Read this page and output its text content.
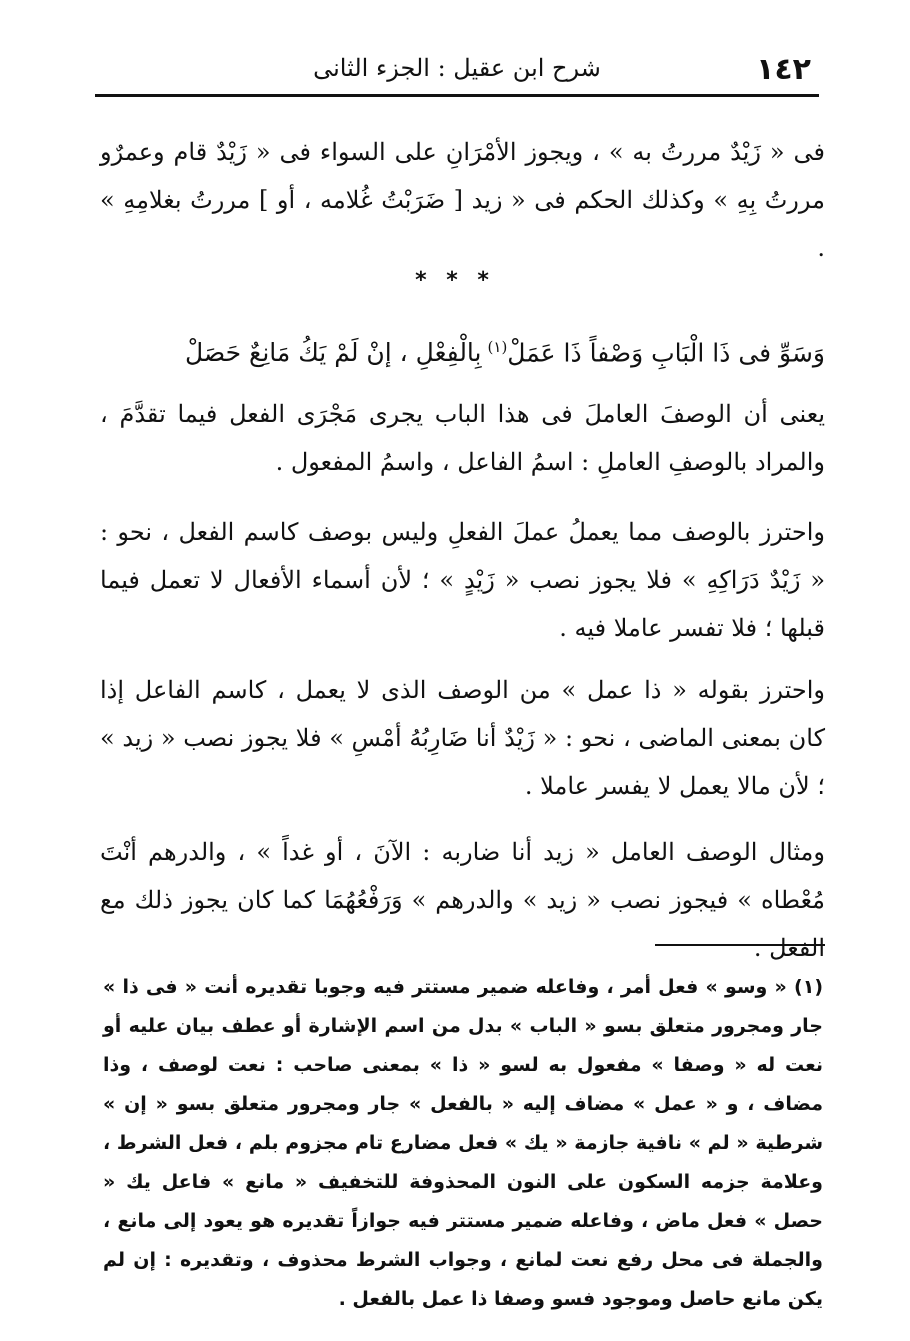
١٤٢
شرح ابن عقيل : الجزء الثانى

فى « زَيْدٌ مررتُ به » ، ويجوز الأمْرَانِ على السواء فى « زَيْدٌ قام وعمرٌو مررتُ بِهِ » وكذلك الحكم فى « زيد [ ضَرَبْتُ غُلامه ، أو ] مررتُ بغلامِهِ » .

* * *
وَسَوِّ فى ذَا الْبَابِ وَصْفاً ذَا عَمَلْ$^{(١)}$
بِالْفِعْلِ ، إنْ لَمْ يَكُ مَانِعٌ حَصَلْ

يعنى أن الوصفَ العاملَ فى هذا الباب يجرى مَجْرَى الفعل فيما تقدَّمَ ، والمراد بالوصفِ العاملِ : اسمُ الفاعل ، واسمُ المفعول .

واحترز بالوصف مما يعملُ عملَ الفعلِ وليس بوصف كاسم الفعل ، نحو : « زَيْدٌ دَرَاكِهِ » فلا يجوز نصب « زَيْدٍ » ؛ لأن أسماء الأفعال لا تعمل فيما قبلها ؛ فلا تفسر عاملا فيه .

واحترز بقوله « ذا عمل » من الوصف الذى لا يعمل ، كاسم الفاعل إذا كان بمعنى الماضى ، نحو : « زَيْدٌ أنا ضَارِبُهُ أمْسِ » فلا يجوز نصب « زيد » ؛ لأن مالا يعمل لا يفسر عاملا .

ومثال الوصف العامل « زيد أنا ضاربه : الآنَ ، أو غداً » ، والدرهم أنْتَ مُعْطاه » فيجوز نصب « زيد » والدرهم » وَرَفْعُهُمَا كما كان يجوز ذلك مع الفعل .

(١) « وسو » فعل أمر ، وفاعله ضمير مستتر فيه وجوبا تقديره أنت « فى ذا » جار ومجرور متعلق بسو « الباب » بدل من اسم الإشارة أو عطف بيان عليه أو نعت له « وصفا » مفعول به لسو « ذا » بمعنى صاحب : نعت لوصف ، وذا مضاف ، و « عمل » مضاف إليه « بالفعل » جار ومجرور متعلق بسو « إن » شرطية « لم » نافية جازمة « يك » فعل مضارع تام مجزوم بلم ، فعل الشرط ، وعلامة جزمه السكون على النون المحذوفة للتخفيف « مانع » فاعل يك « حصل » فعل ماض ، وفاعله ضمير مستتر فيه جوازاً تقديره هو يعود إلى مانع ، والجملة فى محل رفع نعت لمانع ، وجواب الشرط محذوف ، وتقديره : إن لم يكن مانع حاصل وموجود فسو وصفا ذا عمل بالفعل .
